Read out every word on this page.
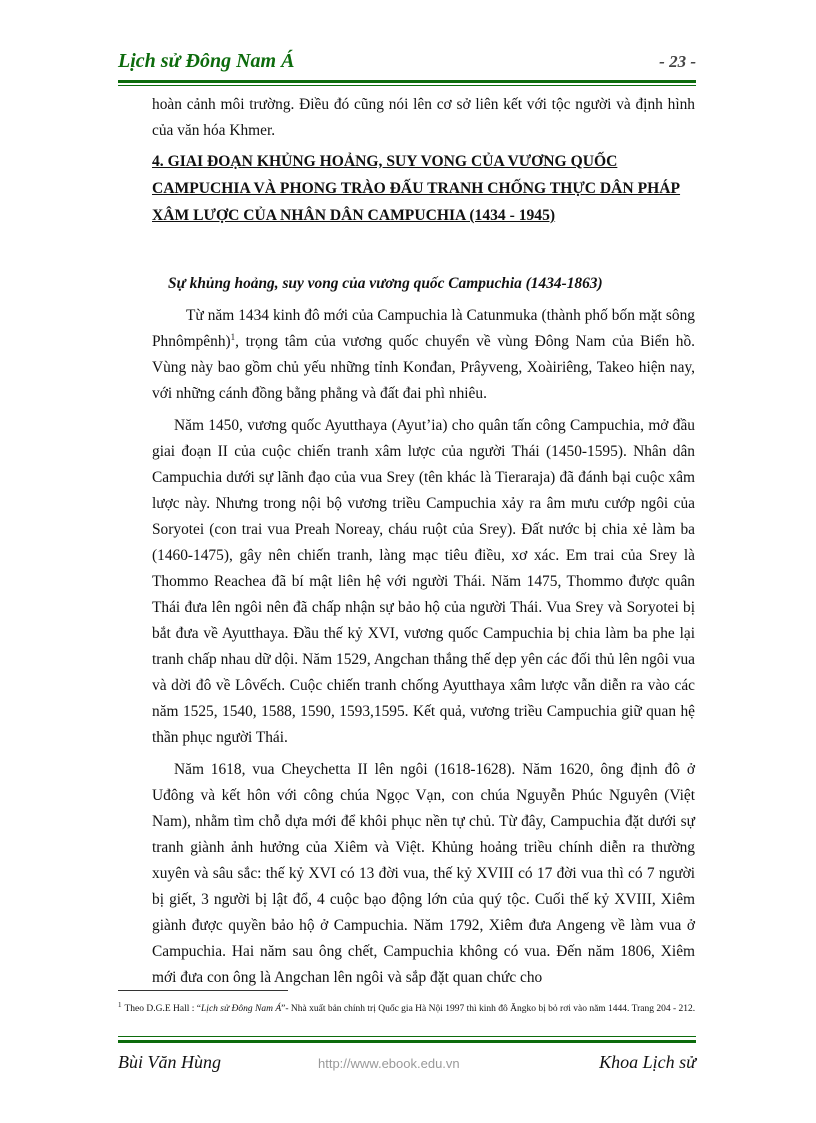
Lịch sử Đông Nam Á	- 23 -

hoàn cảnh môi trường. Điều đó cũng nói lên cơ sở liên kết với tộc người và định hình của văn hóa Khmer.

4. GIAI ĐOẠN KHỦNG HOẢNG, SUY VONG CỦA VƯƠNG QUỐC CAMPUCHIA VÀ PHONG TRÀO ĐẤU TRANH CHỐNG THỰC DÂN PHÁP XÂM LƯỢC CỦA NHÂN DÂN CAMPUCHIA (1434 - 1945)

Sự khủng hoảng, suy vong của vương quốc Campuchia (1434-1863)

Từ năm 1434 kinh đô mới của Campuchia là Catunmuka (thành phố bốn mặt sông Phnômpênh)$^1$, trọng tâm của vương quốc chuyển về vùng Đông Nam của Biển hồ. Vùng này bao gồm chủ yếu những tỉnh Konđan, Prâyveng, Xoàiriêng, Takeo hiện nay, với những cánh đồng bằng phẳng và đất đai phì nhiêu.

Năm 1450, vương quốc Ayutthaya (Ayut’ia) cho quân tấn công Campuchia, mở đầu giai đoạn II của cuộc chiến tranh xâm lược của người Thái (1450-1595). Nhân dân Campuchia dưới sự lãnh đạo của vua Srey (tên khác là Tieraraja) đã đánh bại cuộc xâm lược này. Nhưng trong nội bộ vương triều Campuchia xảy ra âm mưu cướp ngôi của Soryotei (con trai vua Preah Noreay, cháu ruột của Srey). Đất nước bị chia xẻ làm ba (1460-1475), gây nên chiến tranh, làng mạc tiêu điều, xơ xác. Em trai của Srey là Thommo Reachea đã bí mật liên hệ với người Thái. Năm 1475, Thommo được quân Thái đưa lên ngôi nên đã chấp nhận sự bảo hộ của người Thái. Vua Srey và Soryotei bị bắt đưa về Ayutthaya. Đầu thế kỷ XVI, vương quốc Campuchia bị chia làm ba phe lại tranh chấp nhau dữ dội. Năm 1529, Angchan thắng thế dẹp yên các đối thủ lên ngôi vua và dời đô về Lôvếch. Cuộc chiến tranh chống Ayutthaya xâm lược vẫn diễn ra vào các năm 1525, 1540, 1588, 1590, 1593,1595. Kết quả, vương triều Campuchia giữ quan hệ thần phục người Thái.

Năm 1618, vua Cheychetta II lên ngôi (1618-1628). Năm 1620, ông định đô ở Uđông và kết hôn với công chúa Ngọc Vạn, con chúa Nguyễn Phúc Nguyên (Việt Nam), nhằm tìm chỗ dựa mới để khôi phục nền tự chủ. Từ đây, Campuchia đặt dưới sự tranh giành ảnh hưởng của Xiêm và Việt. Khủng hoảng triều chính diễn ra thường xuyên và sâu sắc: thế kỷ XVI có 13 đời vua, thế kỷ XVIII có 17 đời vua thì có 7 người bị giết, 3 người bị lật đổ, 4 cuộc bạo động lớn của quý tộc. Cuối thế kỷ XVIII, Xiêm giành được quyền bảo hộ ở Campuchia. Năm 1792, Xiêm đưa Angeng về làm vua ở Campuchia. Hai năm sau ông chết, Campuchia không có vua. Đến năm 1806, Xiêm mới đưa con ông là Angchan lên ngôi và sắp đặt quan chức cho

$^1$ Theo D.G.E Hall : “Lịch sử Đông Nam Á”- Nhà xuất bản chính trị Quốc gia Hà Nội 1997 thì kinh đô Ăngko bị bỏ rơi vào năm 1444. Trang 204 - 212.
Bùi Văn Hùng	http://www.ebook.edu.vn	Khoa Lịch sử
